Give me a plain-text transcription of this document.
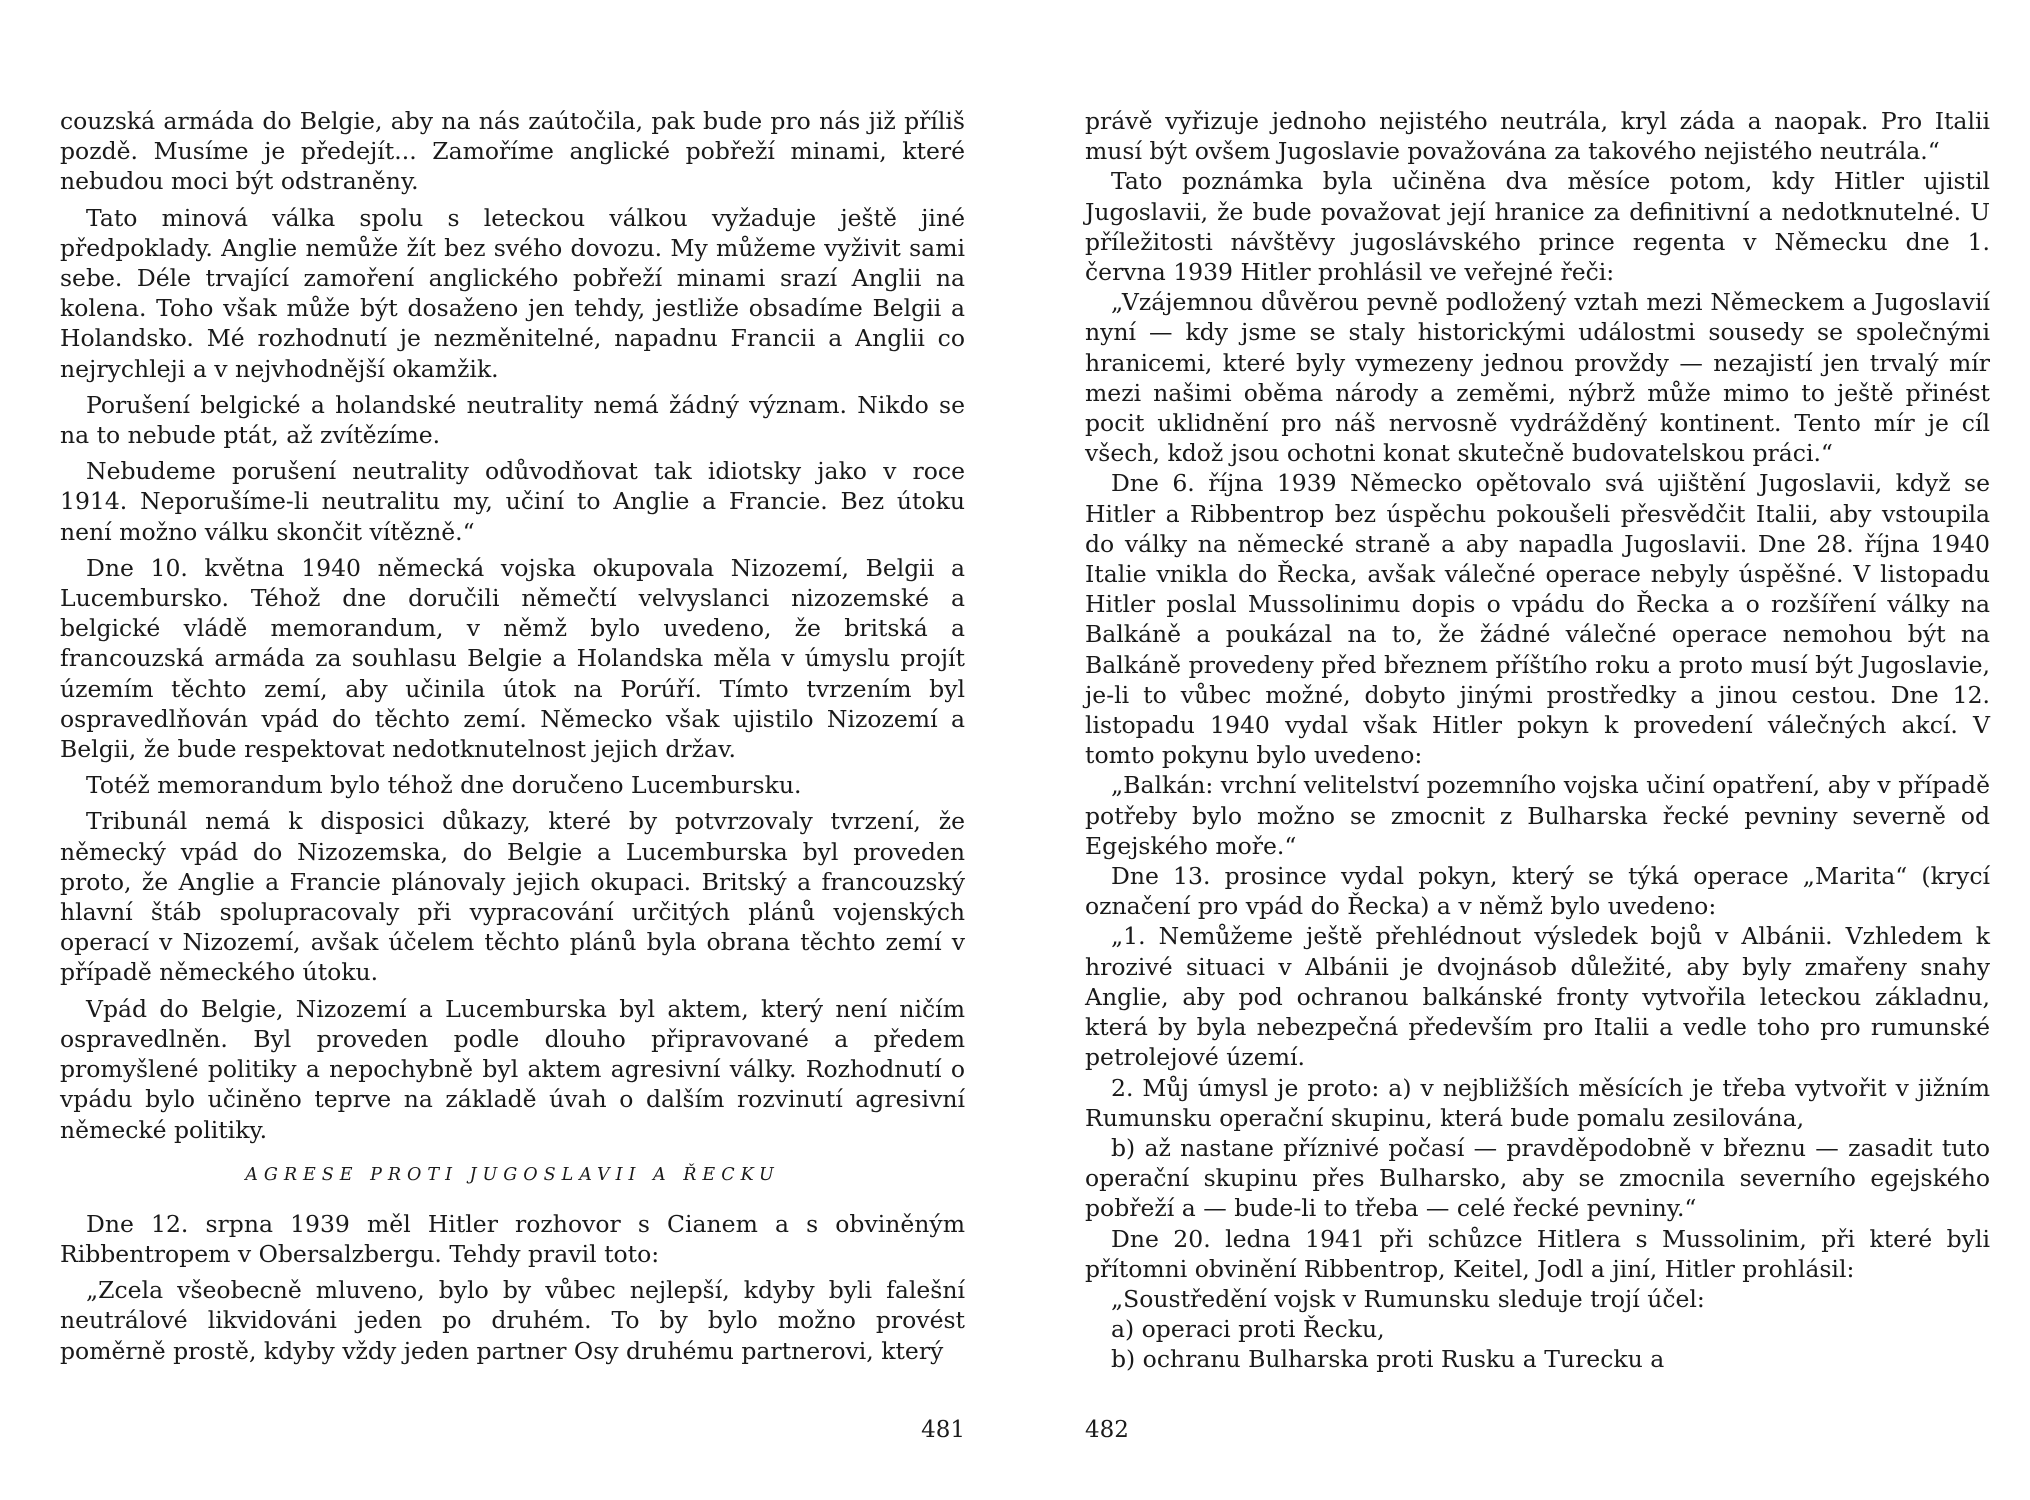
couzská armáda do Belgie, aby na nás zaútočila, pak bude pro nás již příliš pozdě. Musíme je předejít... Zamoříme anglické pobřeží minami, které nebudou moci být odstraněny.

Tato minová válka spolu s leteckou válkou vyžaduje ještě jiné předpoklady. Anglie nemůže žít bez svého dovozu. My můžeme vyživit sami sebe. Déle trvající zamoření anglického pobřeží minami srazí Anglii na kolena. Toho však může být dosaženo jen tehdy, jestliže obsadíme Belgii a Holandsko. Mé rozhodnutí je nezměnitelné, napadnu Francii a Anglii co nejrychleji a v nejvhodnější okamžik.

Porušení belgické a holandské neutrality nemá žádný význam. Nikdo se na to nebude ptát, až zvítězíme.

Nebudeme porušení neutrality odůvodňovat tak idiotsky jako v roce 1914. Neporušíme-li neutralitu my, učiní to Anglie a Francie. Bez útoku není možno válku skončit vítězně.“

Dne 10. května 1940 německá vojska okupovala Nizozemí, Belgii a Lucembursko. Téhož dne doručili němečtí velvyslanci nizozemské a belgické vládě memorandum, v němž bylo uvedeno, že britská a francouzská armáda za souhlasu Belgie a Holandska měla v úmyslu projít územím těchto zemí, aby učinila útok na Porúří. Tímto tvrzením byl ospravedlňován vpád do těchto zemí. Německo však ujistilo Nizozemí a Belgii, že bude respektovat nedotknutelnost jejich držav.

Totéž memorandum bylo téhož dne doručeno Lucembursku.

Tribunál nemá k disposici důkazy, které by potvrzovaly tvrzení, že německý vpád do Nizozemska, do Belgie a Lucemburska byl proveden proto, že Anglie a Francie plánovaly jejich okupaci. Britský a francouzský hlavní štáb spolupracovaly při vypracování určitých plánů vojenských operací v Nizozemí, avšak účelem těchto plánů byla obrana těchto zemí v případě německého útoku.

Vpád do Belgie, Nizozemí a Lucemburska byl aktem, který není ničím ospravedlněn. Byl proveden podle dlouho připravované a předem promyšlené politiky a nepochybně byl aktem agresivní války. Rozhodnutí o vpádu bylo učiněno teprve na základě úvah o dalším rozvinutí agresivní německé politiky.

AGRESE PROTI JUGOSLAVII A ŘECKU

Dne 12. srpna 1939 měl Hitler rozhovor s Cianem a s obviněným Ribbentropem v Obersalzbergu. Tehdy pravil toto:

„Zcela všeobecně mluveno, bylo by vůbec nejlepší, kdyby byli falešní neutrálové likvidováni jeden po druhém. To by bylo možno provést poměrně prostě, kdyby vždy jeden partner Osy druhému partnerovi, který

481

právě vyřizuje jednoho nejistého neutrála, kryl záda a naopak. Pro Italii musí být ovšem Jugoslavie považována za takového nejistého neutrála.“

Tato poznámka byla učiněna dva měsíce potom, kdy Hitler ujistil Jugoslavii, že bude považovat její hranice za definitivní a nedotknutelné. U příležitosti návštěvy jugoslávského prince regenta v Německu dne 1. června 1939 Hitler prohlásil ve veřejné řeči:

„Vzájemnou důvěrou pevně podložený vztah mezi Německem a Jugoslavií nyní — kdy jsme se staly historickými událostmi sousedy se společnými hranicemi, které byly vymezeny jednou provždy — nezajistí jen trvalý mír mezi našimi oběma národy a zeměmi, nýbrž může mimo to ještě přinést pocit uklidnění pro náš nervosně vydrážděný kontinent. Tento mír je cíl všech, kdož jsou ochotni konat skutečně budovatelskou práci.“

Dne 6. října 1939 Německo opětovalo svá ujištění Jugoslavii, když se Hitler a Ribbentrop bez úspěchu pokoušeli přesvědčit Italii, aby vstoupila do války na německé straně a aby napadla Jugoslavii. Dne 28. října 1940 Italie vnikla do Řecka, avšak válečné operace nebyly úspěšné. V listopadu Hitler poslal Mussolinimu dopis o vpádu do Řecka a o rozšíření války na Balkáně a poukázal na to, že žádné válečné operace nemohou být na Balkáně provedeny před březnem příštího roku a proto musí být Jugoslavie, je-li to vůbec možné, dobyto jinými prostředky a jinou cestou. Dne 12. listopadu 1940 vydal však Hitler pokyn k provedení válečných akcí. V tomto pokynu bylo uvedeno:

„Balkán: vrchní velitelství pozemního vojska učiní opatření, aby v případě potřeby bylo možno se zmocnit z Bulharska řecké pevniny severně od Egejského moře.“

Dne 13. prosince vydal pokyn, který se týká operace „Marita“ (krycí označení pro vpád do Řecka) a v němž bylo uvedeno:

„1. Nemůžeme ještě přehlédnout výsledek bojů v Albánii. Vzhledem k hrozivé situaci v Albánii je dvojnásob důležité, aby byly zmařeny snahy Anglie, aby pod ochranou balkánské fronty vytvořila leteckou základnu, která by byla nebezpečná především pro Italii a vedle toho pro rumunské petrolejové území.

2. Můj úmysl je proto: a) v nejbližších měsících je třeba vytvořit v jižním Rumunsku operační skupinu, která bude pomalu zesilována,

b) až nastane příznivé počasí — pravděpodobně v březnu — zasadit tuto operační skupinu přes Bulharsko, aby se zmocnila severního egejského pobřeží a — bude-li to třeba — celé řecké pevniny.“

Dne 20. ledna 1941 při schůzce Hitlera s Mussolinim, při které byli přítomni obvinění Ribbentrop, Keitel, Jodl a jiní, Hitler prohlásil:

„Soustředění vojsk v Rumunsku sleduje trojí účel:

a) operaci proti Řecku,

b) ochranu Bulharska proti Rusku a Turecku a

482
